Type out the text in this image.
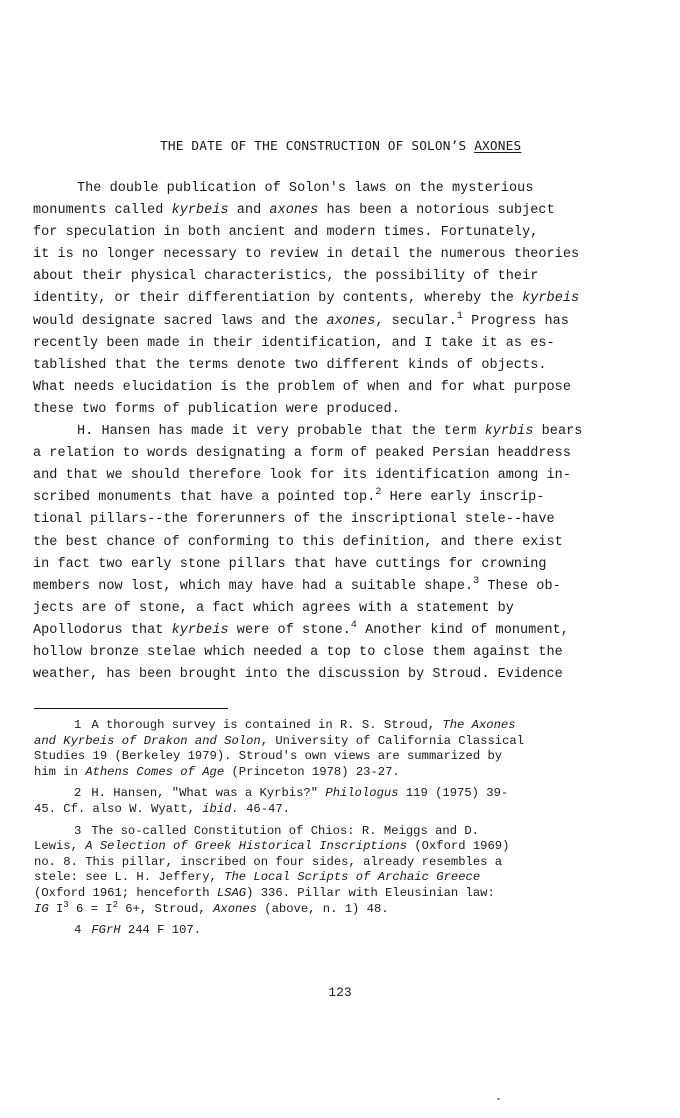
THE DATE OF THE CONSTRUCTION OF SOLON’S AXONES
The double publication of Solon's laws on the mysterious
monuments called kyrbeis and axones has been a notorious subject
for speculation in both ancient and modern times. Fortunately,
it is no longer necessary to review in detail the numerous theories
about their physical characteristics, the possibility of their
identity, or their differentiation by contents, whereby the kyrbeis
would designate sacred laws and the axones, secular.$^1$ Progress has
recently been made in their identification, and I take it as es-
tablished that the terms denote two different kinds of objects.
What needs elucidation is the problem of when and for what purpose
these two forms of publication were produced.
H. Hansen has made it very probable that the term kyrbis bears
a relation to words designating a form of peaked Persian headdress
and that we should therefore look for its identification among in-
scribed monuments that have a pointed top.$^2$ Here early inscrip-
tional pillars--the forerunners of the inscriptional stele--have
the best chance of conforming to this definition, and there exist
in fact two early stone pillars that have cuttings for crowning
members now lost, which may have had a suitable shape.$^3$ These ob-
jects are of stone, a fact which agrees with a statement by
Apollodorus that kyrbeis were of stone.$^4$ Another kind of monument,
hollow bronze stelae which needed a top to close them against the
weather, has been brought into the discussion by Stroud. Evidence
1 A thorough survey is contained in R. S. Stroud, The Axones
and Kyrbeis of Drakon and Solon, University of California Classical
Studies 19 (Berkeley 1979). Stroud's own views are summarized by
him in Athens Comes of Age (Princeton 1978) 23-27.
2 H. Hansen, "What was a Kyrbis?" Philologus 119 (1975) 39-
45. Cf. also W. Wyatt, ibid. 46-47.
3 The so-called Constitution of Chios: R. Meiggs and D.
Lewis, A Selection of Greek Historical Inscriptions (Oxford 1969)
no. 8. This pillar, inscribed on four sides, already resembles a
stele: see L. H. Jeffery, The Local Scripts of Archaic Greece
(Oxford 1961; henceforth LSAG) 336. Pillar with Eleusinian law:
IG I$^3$ 6 = I$^2$ 6+, Stroud, Axones (above, n. 1) 48.
4 FGrH 244 F 107.
123
